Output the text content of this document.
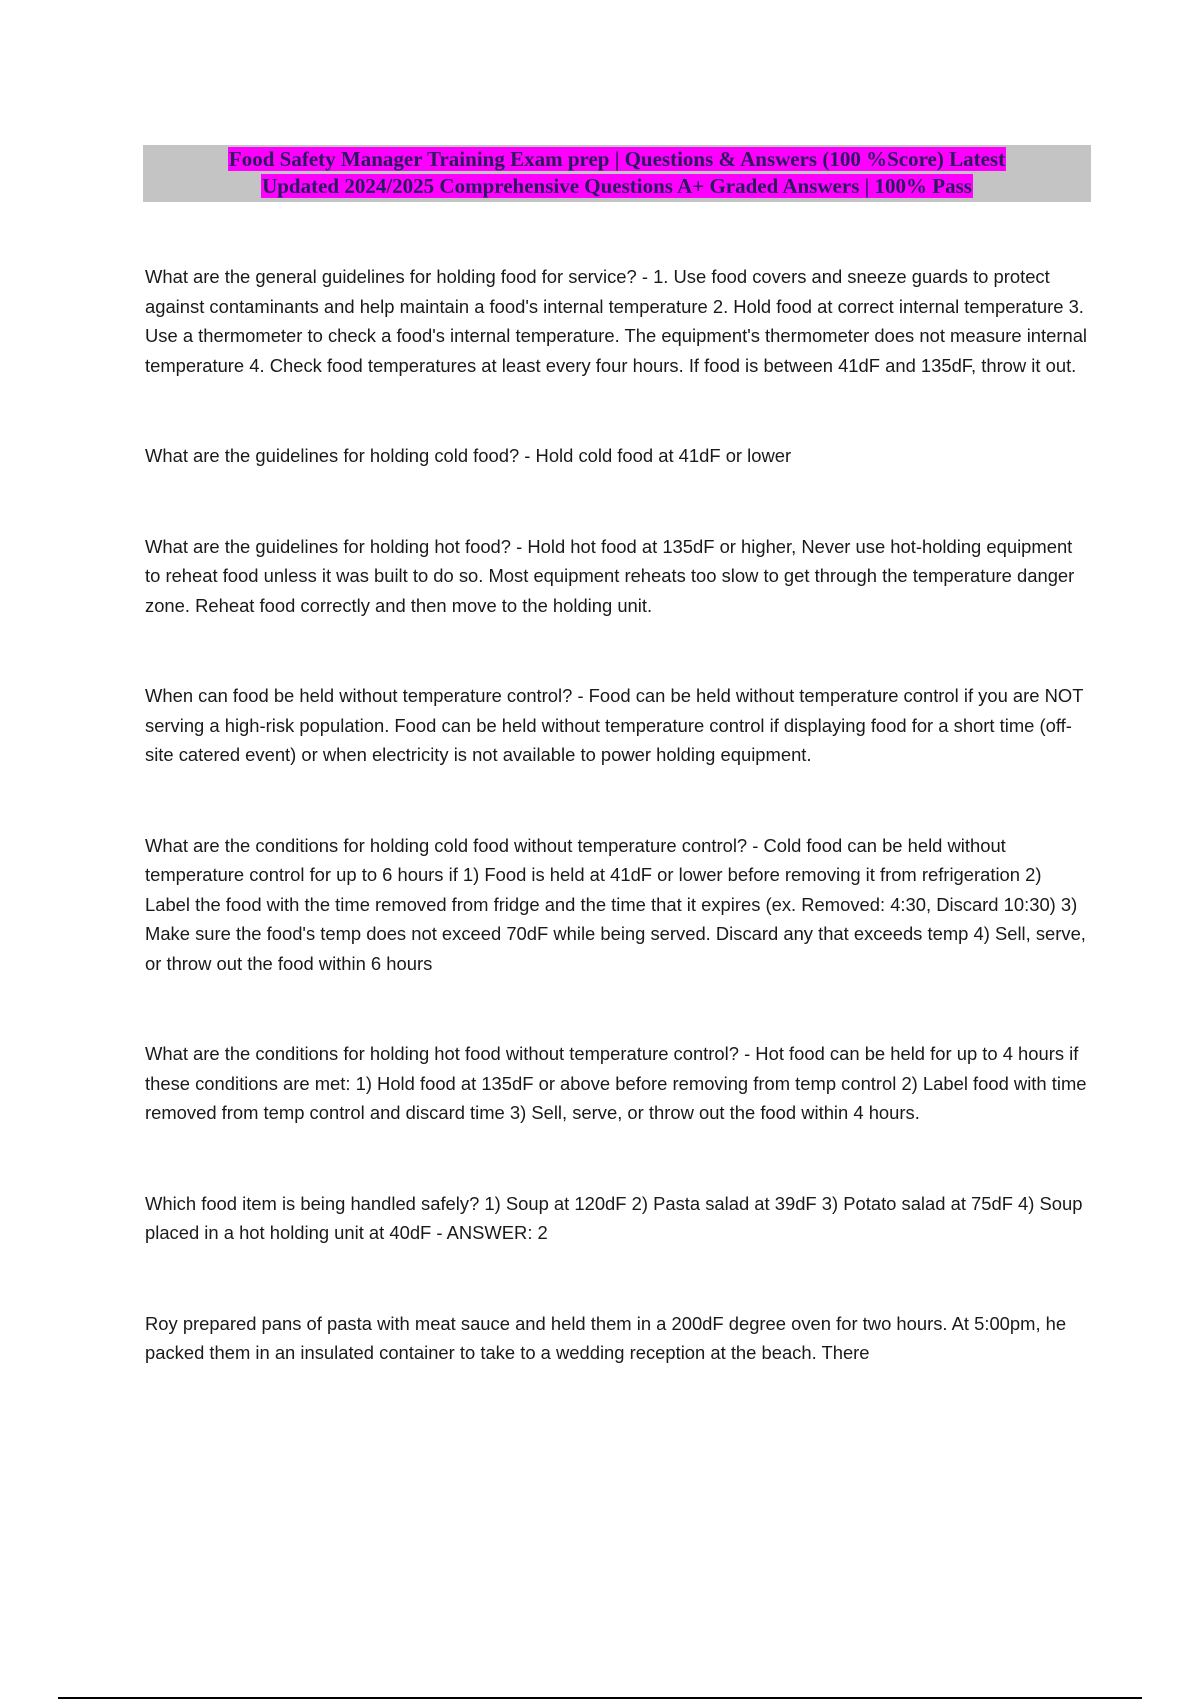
Food Safety Manager Training Exam prep | Questions & Answers (100 %Score) Latest
Updated 2024/2025 Comprehensive Questions A+ Graded Answers | 100% Pass

What are the general guidelines for holding food for service? - 1. Use food covers and sneeze guards to protect against contaminants and help maintain a food's internal temperature 2. Hold food at correct internal temperature 3. Use a thermometer to check a food's internal temperature. The equipment's thermometer does not measure internal temperature 4. Check food temperatures at least every four hours. If food is between 41dF and 135dF, throw it out.

What are the guidelines for holding cold food? - Hold cold food at 41dF or lower

What are the guidelines for holding hot food? - Hold hot food at 135dF or higher, Never use hot-holding equipment to reheat food unless it was built to do so. Most equipment reheats too slow to get through the temperature danger zone. Reheat food correctly and then move to the holding unit.

When can food be held without temperature control? - Food can be held without temperature control if you are NOT serving a high-risk population. Food can be held without temperature control if displaying food for a short time (off-site catered event) or when electricity is not available to power holding equipment.

What are the conditions for holding cold food without temperature control? - Cold food can be held without temperature control for up to 6 hours if 1) Food is held at 41dF or lower before removing it from refrigeration 2) Label the food with the time removed from fridge and the time that it expires (ex. Removed: 4:30, Discard 10:30) 3) Make sure the food's temp does not exceed 70dF while being served. Discard any that exceeds temp 4) Sell, serve, or throw out the food within 6 hours

What are the conditions for holding hot food without temperature control? - Hot food can be held for up to 4 hours if these conditions are met: 1) Hold food at 135dF or above before removing from temp control 2) Label food with time removed from temp control and discard time 3) Sell, serve, or throw out the food within 4 hours.

Which food item is being handled safely? 1) Soup at 120dF 2) Pasta salad at 39dF 3) Potato salad at 75dF 4) Soup placed in a hot holding unit at 40dF - ANSWER: 2

Roy prepared pans of pasta with meat sauce and held them in a 200dF degree oven for two hours. At 5:00pm, he packed them in an insulated container to take to a wedding reception at the beach. There
